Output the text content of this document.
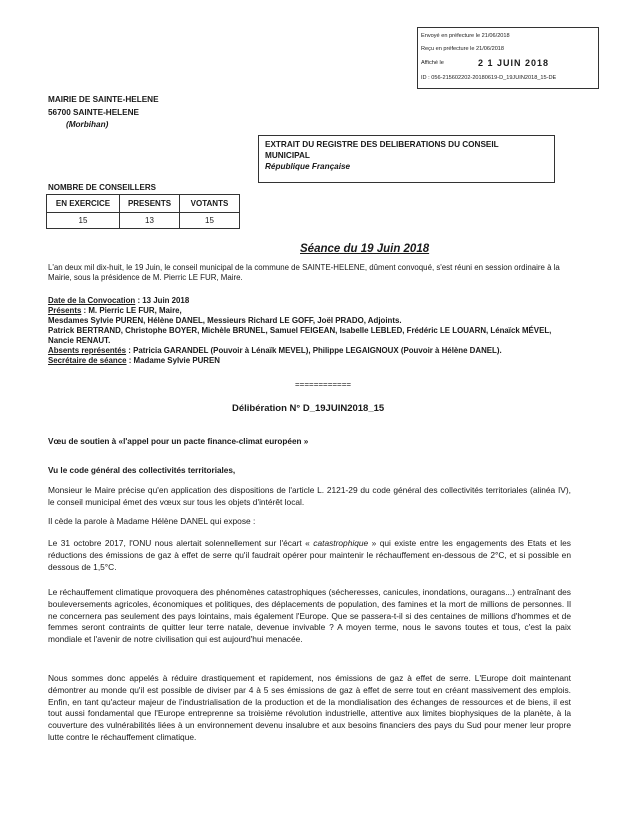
Envoyé en préfecture le 21/06/2018
Reçu en préfecture le 21/06/2018
Affiché le	2 1 JUIN 2018
ID : 056-215602202-20180619-D_19JUIN2018_15-DE
MAIRIE DE SAINTE-HELENE
56700 SAINTE-HELENE
(Morbihan)
EXTRAIT DU REGISTRE DES DELIBERATIONS DU CONSEIL
MUNICIPAL
République Française
NOMBRE DE CONSEILLERS
EN EXERCICE	PRESENTS	VOTANTS
15	13	15
Séance du 19 Juin 2018
L'an deux mil dix-huit, le 19 Juin, le conseil municipal de la commune de SAINTE-HELENE, dûment convoqué, s'est réuni en session ordinaire à la Mairie, sous la présidence de M. Pierric LE FUR, Maire.
Date de la Convocation : 13 Juin 2018
Présents : M. Pierric LE FUR, Maire,
Mesdames Sylvie PUREN, Hélène DANEL, Messieurs Richard LE GOFF, Joël PRADO, Adjoints.
Patrick BERTRAND, Christophe BOYER, Michèle BRUNEL, Samuel FEIGEAN, Isabelle LEBLED, Frédéric LE LOUARN, Lénaïck MÉVEL, Nancie RENAUT.
Absents représentés : Patricia GARANDEL (Pouvoir à Lénaïk MEVEL), Philippe LEGAIGNOUX (Pouvoir à Hélène DANEL).
Secrétaire de séance : Madame Sylvie PUREN
============
Délibération N° D_19JUIN2018_15
Vœu de soutien à «l'appel pour un pacte finance-climat européen »
Vu le code général des collectivités territoriales,
Monsieur le Maire précise qu'en application des dispositions de l'article L. 2121-29 du code général des collectivités territoriales (alinéa IV), le conseil municipal émet des vœux sur tous les objets d'intérêt local.
Il cède la parole à Madame Hélène DANEL qui expose :
Le 31 octobre 2017, l'ONU nous alertait solennellement sur l'écart « catastrophique » qui existe entre les engagements des Etats et les réductions des émissions de gaz à effet de serre qu'il faudrait opérer pour maintenir le réchauffement en-dessous de 2°C, et si possible en dessous de 1,5°C.
Le réchauffement climatique provoquera des phénomènes catastrophiques (sécheresses, canicules, inondations, ouragans...) entraînant des bouleversements agricoles, économiques et politiques, des déplacements de population, des famines et la mort de millions de personnes. Il ne concernera pas seulement des pays lointains, mais également l'Europe. Que se passera-t-il si des centaines de millions d'hommes et de femmes seront contraints de quitter leur terre natale, devenue invivable ? A moyen terme, nous le savons toutes et tous, c'est la paix mondiale et l'avenir de notre civilisation qui est aujourd'hui menacée.
Nous sommes donc appelés à réduire drastiquement et rapidement, nos émissions de gaz à effet de serre. L'Europe doit maintenant démontrer au monde qu'il est possible de diviser par 4 à 5 ses émissions de gaz à effet de serre tout en créant massivement des emplois. Enfin, en tant qu'acteur majeur de l'industrialisation de la production et de la mondialisation des échanges de ressources et de biens, il est tout aussi fondamental que l'Europe entreprenne sa troisième révolution industrielle, attentive aux limites biophysiques de la planète, à la couverture des vulnérabilités liées à un environnement devenu insalubre et aux besoins financiers des pays du Sud pour mener leur propre lutte contre le réchauffement climatique.
